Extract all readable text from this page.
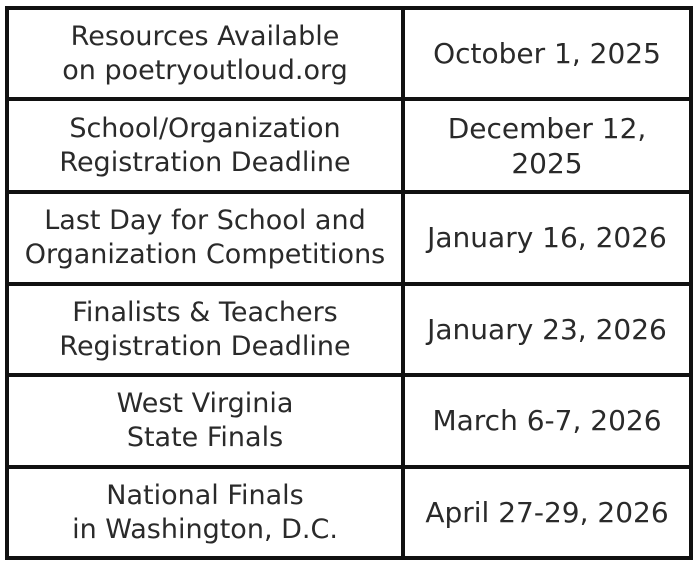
Resources Available
on poetryoutloud.org	October 1, 2025

School/Organization
Registration Deadline	December 12, 2025

Last Day for School and
Organization Competitions	January 16, 2026

Finalists & Teachers
Registration Deadline	January 23, 2026

West Virginia
State Finals	March 6-7, 2026

National Finals
in Washington, D.C.	April 27-29, 2026
